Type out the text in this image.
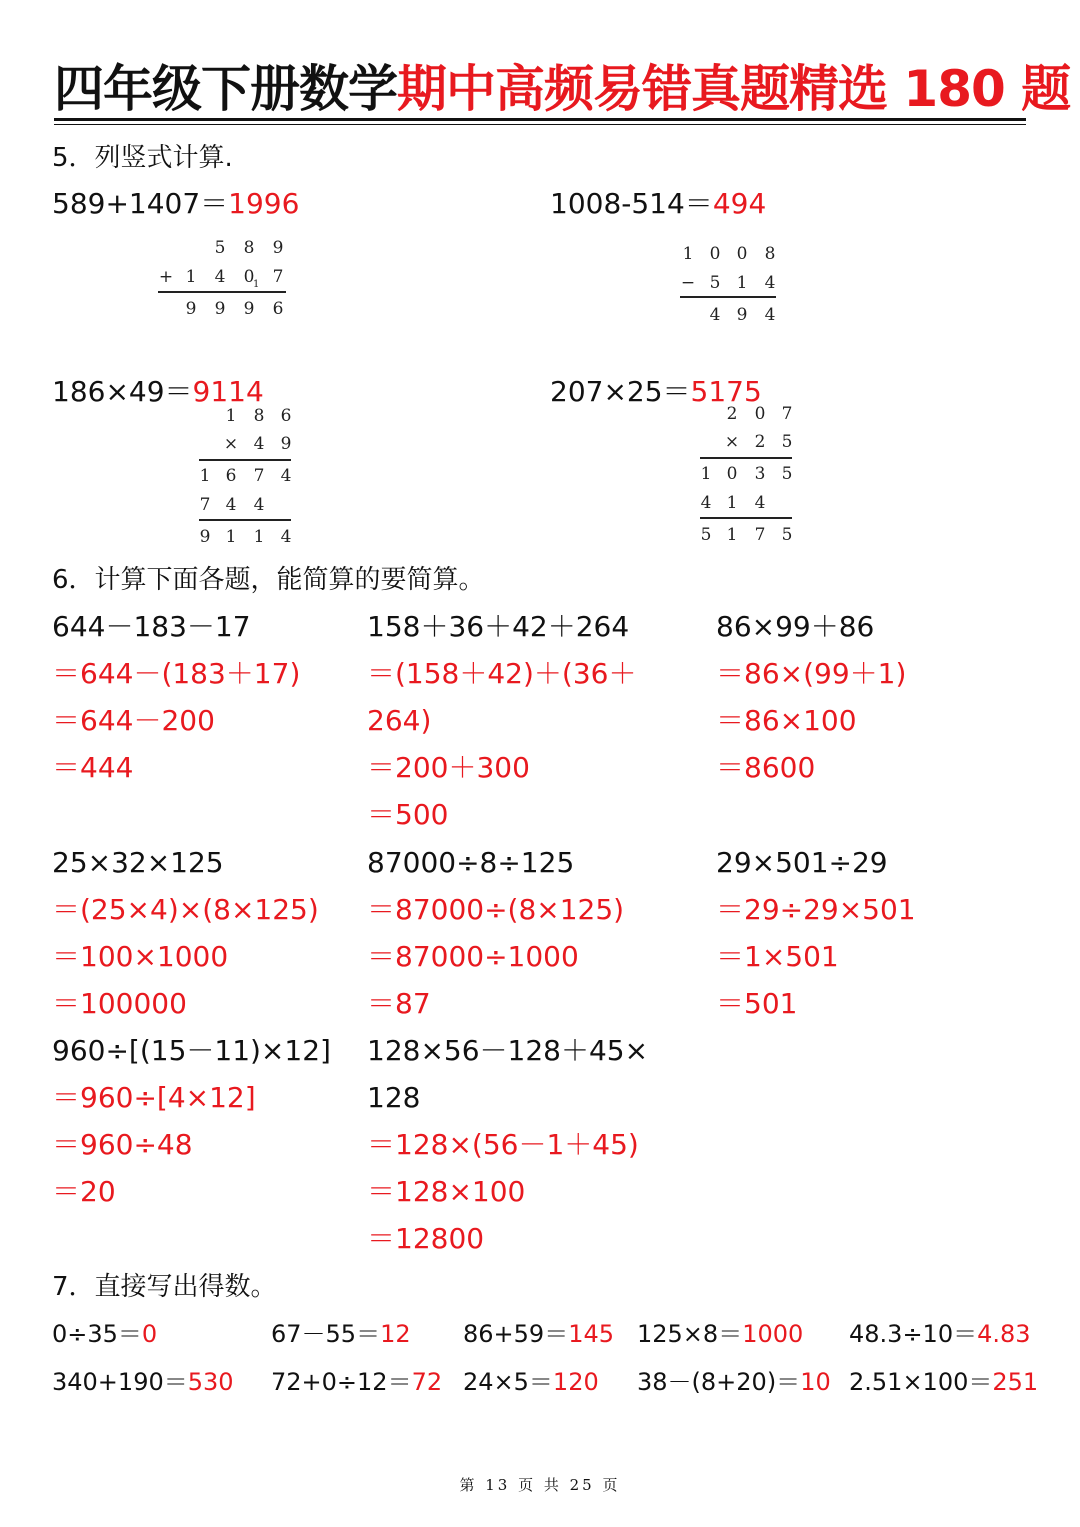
四年级下册数学期中高频易错真题精选 180 题
5．列竖式计算.
589+1407＝1996	1008-514＝494
186×49＝9114	207×25＝5175
5 8 9
+ 1 4 0 7
1
9 9 9 6
1 0 0 8
− 5 1 4
4 9 4
1 8 6
× 4 9
1 6 7 4
7 4 4
9 1 1 4
2 0 7
× 2 5
1 0 3 5
4 1 4
5 1 7 5
6．计算下面各题，能简算的要简算。
644－183－17
＝644－(183＋17)
＝644－200
＝444
158＋36＋42＋264
＝(158＋42)＋(36＋
264)
＝200＋300
＝500
86×99＋86
＝86×(99＋1)
＝86×100
＝8600
25×32×125
＝(25×4)×(8×125)
＝100×1000
＝100000
87000÷8÷125
＝87000÷(8×125)
＝87000÷1000
＝87
29×501÷29
＝29÷29×501
＝1×501
＝501
960÷[(15－11)×12]
＝960÷[4×12]
＝960÷48
＝20
128×56－128＋45×
128
＝128×(56－1＋45)
＝128×100
＝12800
7．直接写出得数。
0÷35＝0	67－55＝12 86+59＝145 125×8＝1000 48.3÷10＝4.83
340+190＝530 72+0÷12＝72 24×5＝120 38－(8+20)＝10 2.51×100＝251
第 13 页 共 25 页
